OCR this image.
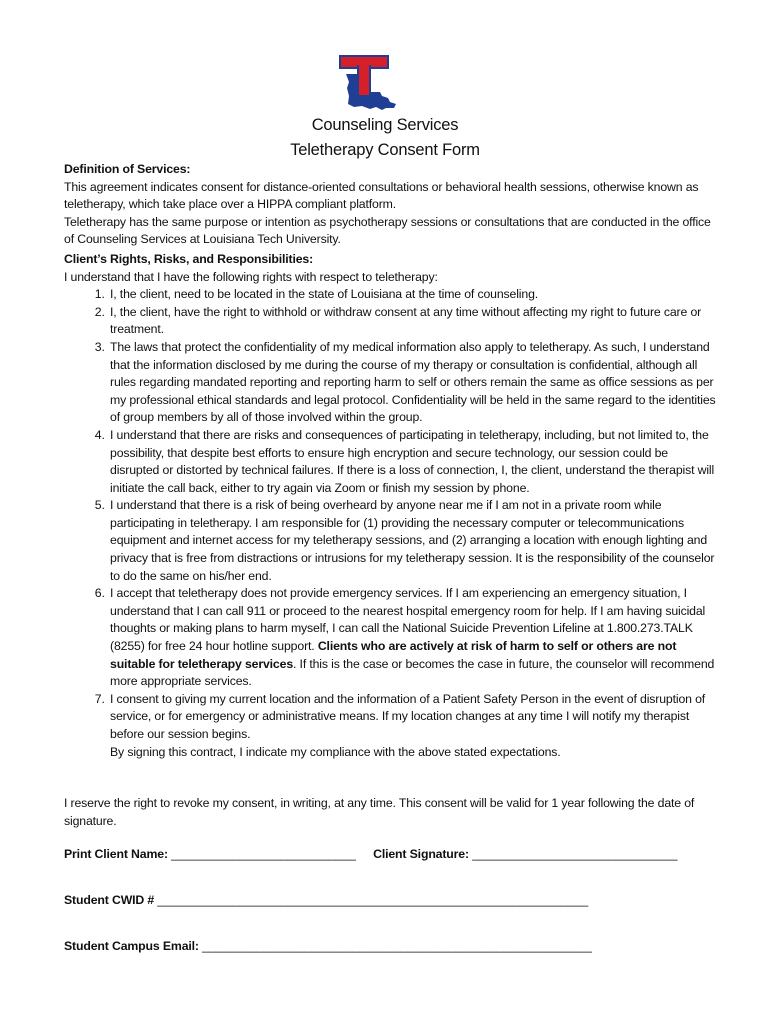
Counseling Services
Teletherapy Consent Form

Definition of Services:

This agreement indicates consent for distance-oriented consultations or behavioral health sessions, otherwise known as teletherapy, which take place over a HIPPA compliant platform.

Teletherapy has the same purpose or intention as psychotherapy sessions or consultations that are conducted in the office of Counseling Services at Louisiana Tech University.

Client’s Rights, Risks, and Responsibilities:

I understand that I have the following rights with respect to teletherapy:

1. I, the client, need to be located in the state of Louisiana at the time of counseling.
2. I, the client, have the right to withhold or withdraw consent at any time without affecting my right to future care or treatment.
3. The laws that protect the confidentiality of my medical information also apply to teletherapy. As such, I understand that the information disclosed by me during the course of my therapy or consultation is confidential, although all rules regarding mandated reporting and reporting harm to self or others remain the same as office sessions as per my professional ethical standards and legal protocol. Confidentiality will be held in the same regard to the identities of group members by all of those involved within the group.
4. I understand that there are risks and consequences of participating in teletherapy, including, but not limited to, the possibility, that despite best efforts to ensure high encryption and secure technology, our session could be disrupted or distorted by technical failures. If there is a loss of connection, I, the client, understand the therapist will initiate the call back, either to try again via Zoom or finish my session by phone.
5. I understand that there is a risk of being overheard by anyone near me if I am not in a private room while participating in teletherapy. I am responsible for (1) providing the necessary computer or telecommunications equipment and internet access for my teletherapy sessions, and (2) arranging a location with enough lighting and privacy that is free from distractions or intrusions for my teletherapy session. It is the responsibility of the counselor to do the same on his/her end.
6. I accept that teletherapy does not provide emergency services. If I am experiencing an emergency situation, I understand that I can call 911 or proceed to the nearest hospital emergency room for help. If I am having suicidal thoughts or making plans to harm myself, I can call the National Suicide Prevention Lifeline at 1.800.273.TALK (8255) for free 24 hour hotline support. Clients who are actively at risk of harm to self or others are not suitable for teletherapy services. If this is the case or becomes the case in future, the counselor will recommend more appropriate services.
7. I consent to giving my current location and the information of a Patient Safety Person in the event of disruption of service, or for emergency or administrative means. If my location changes at any time I will notify my therapist before our session begins.

By signing this contract, I indicate my compliance with the above stated expectations.

I reserve the right to revoke my consent, in writing, at any time. This consent will be valid for 1 year following the date of signature.

Print Client Name: ___________________________ Client Signature: ______________________________

Student CWID # _______________________________________________________________

Student Campus Email: _________________________________________________________
